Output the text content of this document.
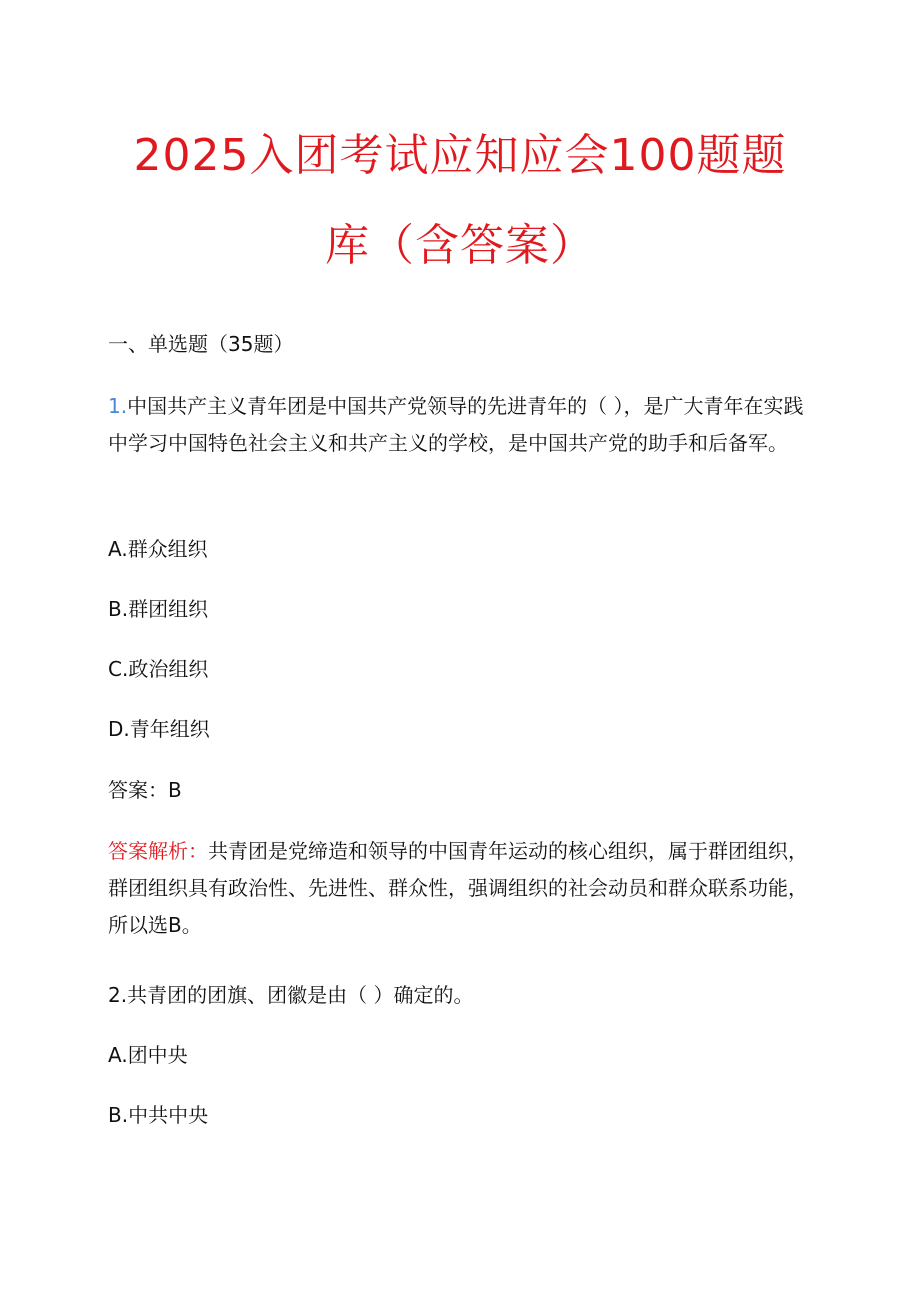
2025入团考试应知应会100题题
库（含答案）
一、单选题（35题）
1.中国共产主义青年团是中国共产党领导的先进青年的（ ），是广大青年在实践中学习中国特色社会主义和共产主义的学校，是中国共产党的助手和后备军。
A.群众组织
B.群团组织
C.政治组织
D.青年组织
答案：B
答案解析：共青团是党缔造和领导的中国青年运动的核心组织，属于群团组织，群团组织具有政治性、先进性、群众性，强调组织的社会动员和群众联系功能，所以选B。
2.共青团的团旗、团徽是由（ ）确定的。
A.团中央
B.中共中央
